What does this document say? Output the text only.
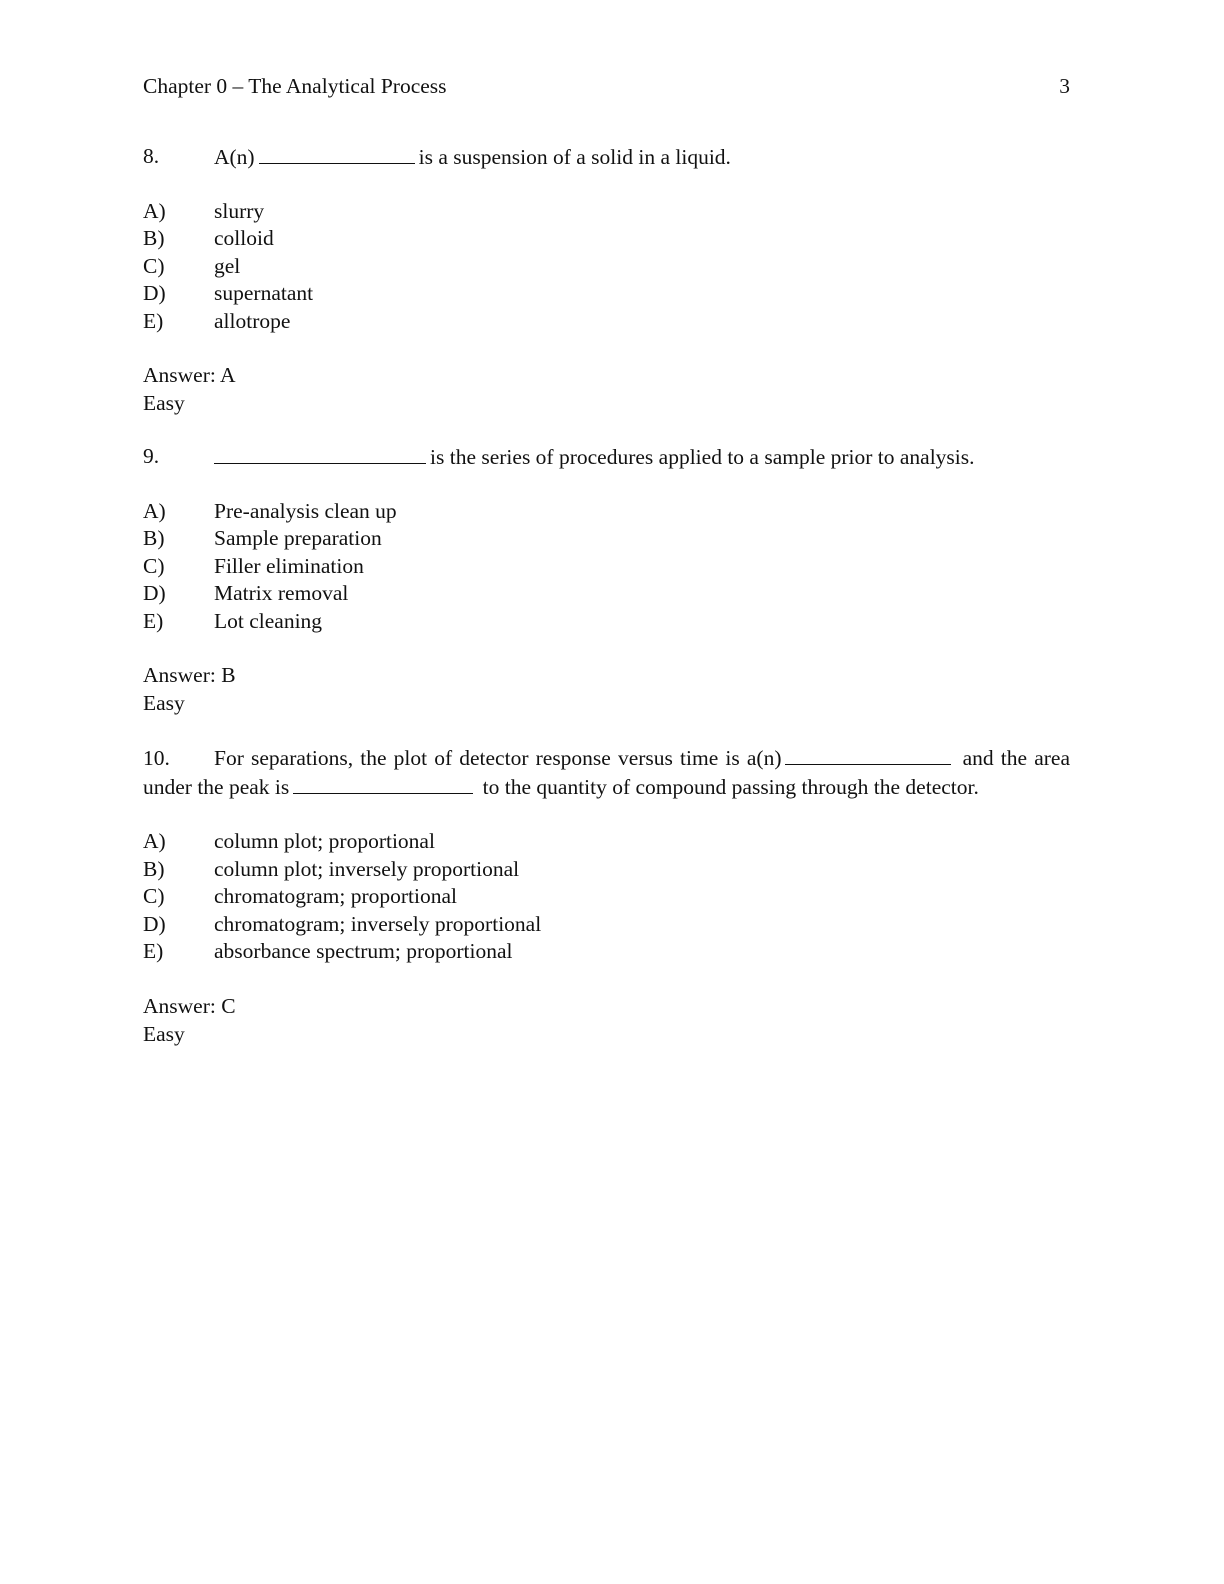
Chapter 0 – The Analytical Process	3
8.	A(n)	is a suspension of a solid in a liquid.
A) slurry
B) colloid
C) gel
D) supernatant
E) allotrope
Answer: A
Easy
9.	is the series of procedures applied to a sample prior to analysis.
A) Pre-analysis clean up
B) Sample preparation
C) Filler elimination
D) Matrix removal
E) Lot cleaning
Answer: B
Easy

10. For separations, the plot of detector response versus time is a(n)	and the area under the peak is	to the quantity of compound passing through the detector.

A) column plot; proportional
B) column plot; inversely proportional
C) chromatogram; proportional
D) chromatogram; inversely proportional
E) absorbance spectrum; proportional
Answer: C
Easy
